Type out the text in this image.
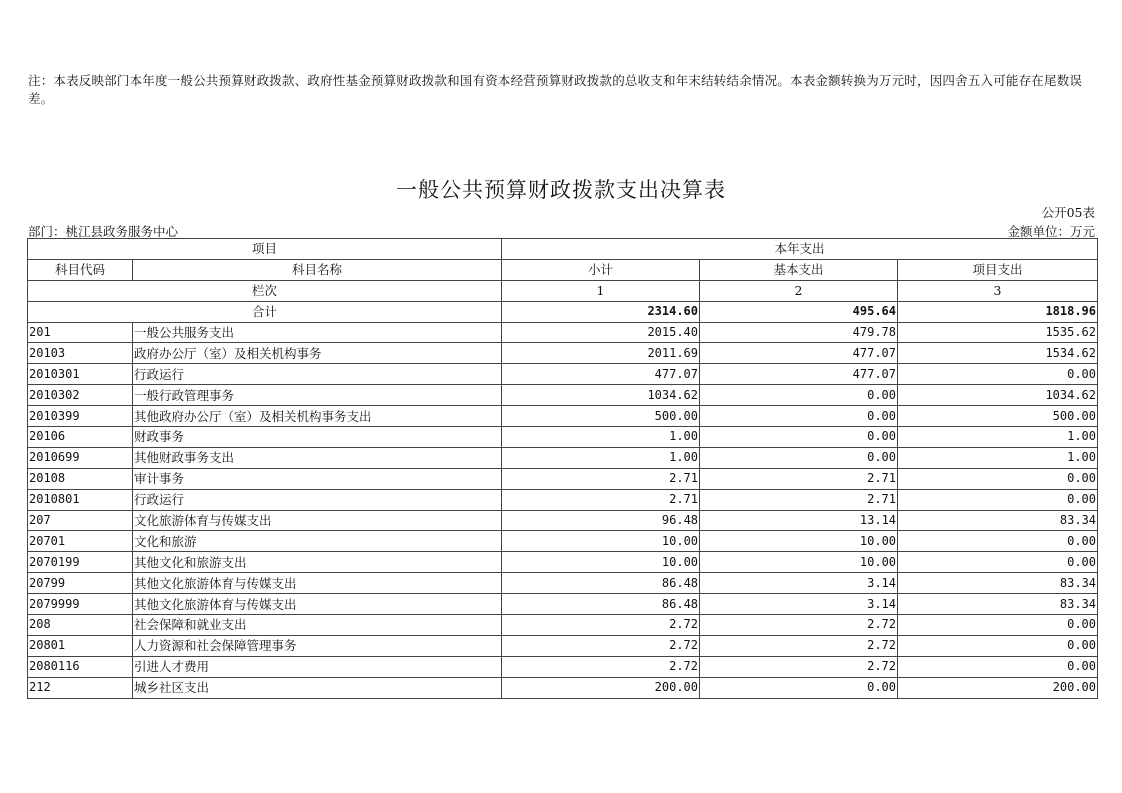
注：本表反映部门本年度一般公共预算财政拨款、政府性基金预算财政拨款和国有资本经营预算财政拨款的总收支和年末结转结余情况。本表金额转换为万元时，因四舍五入可能存在尾数误差。
一般公共预算财政拨款支出决算表
公开05表
部门：桃江县政务服务中心	金额单位：万元
项目		本年支出		
科目代码	科目名称	小计	基本支出	项目支出
栏次		1	2	3
合计		2314.60	495.64	1818.96
201	一般公共服务支出	2015.40	479.78	1535.62
20103	政府办公厅（室）及相关机构事务	2011.69	477.07	1534.62
2010301	行政运行	477.07	477.07	0.00
2010302	一般行政管理事务	1034.62	0.00	1034.62
2010399	其他政府办公厅（室）及相关机构事务支出	500.00	0.00	500.00
20106	财政事务	1.00	0.00	1.00
2010699	其他财政事务支出	1.00	0.00	1.00
20108	审计事务	2.71	2.71	0.00
2010801	行政运行	2.71	2.71	0.00
207	文化旅游体育与传媒支出	96.48	13.14	83.34
20701	文化和旅游	10.00	10.00	0.00
2070199	其他文化和旅游支出	10.00	10.00	0.00
20799	其他文化旅游体育与传媒支出	86.48	3.14	83.34
2079999	其他文化旅游体育与传媒支出	86.48	3.14	83.34
208	社会保障和就业支出	2.72	2.72	0.00
20801	人力资源和社会保障管理事务	2.72	2.72	0.00
2080116	引进人才费用	2.72	2.72	0.00
212	城乡社区支出	200.00	0.00	200.00
